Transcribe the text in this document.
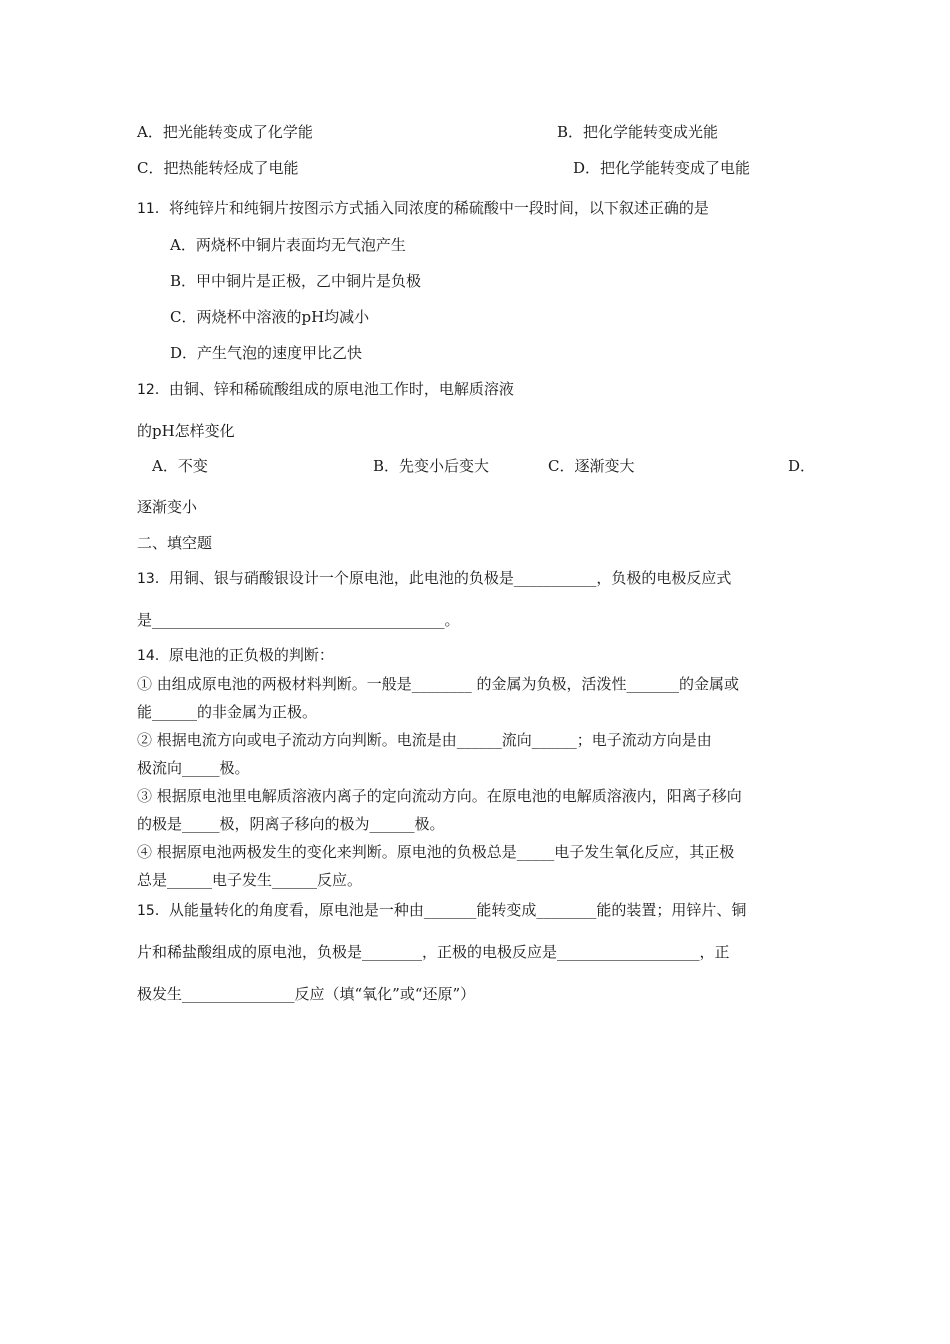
A．把光能转变成了化学能	B．把化学能转变成光能
C．把热能转烃成了电能	D．把化学能转变成了电能
11．将纯锌片和纯铜片按图示方式插入同浓度的稀硫酸中一段时间，以下叙述正确的是
A．两烧杯中铜片表面均无气泡产生
B．甲中铜片是正极，乙中铜片是负极
C．两烧杯中溶液的pH均减小
D．产生气泡的速度甲比乙快
12．由铜、锌和稀硫酸组成的原电池工作时，电解质溶液
的pH怎样变化
A．不变	B．先变小后变大	C．逐渐变大	D．
逐渐变小
二、填空题
13．用铜、银与硝酸银设计一个原电池，此电池的负极是___________，负极的电极反应式
是_______________________________________。
14．原电池的正负极的判断：
① 由组成原电池的两极材料判断。一般是________ 的金属为负极，活泼性_______的金属或
能______的非金属为正极。
② 根据电流方向或电子流动方向判断。电流是由______流向______；电子流动方向是由
极流向_____极。
③ 根据原电池里电解质溶液内离子的定向流动方向。在原电池的电解质溶液内，阳离子移向
的极是_____极，阴离子移向的极为______极。
④ 根据原电池两极发生的变化来判断。原电池的负极总是_____电子发生氧化反应，其正极
总是______电子发生______反应。
15．从能量转化的角度看，原电池是一种由_______能转变成________能的装置；用锌片、铜
片和稀盐酸组成的原电池，负极是________，正极的电极反应是___________________，正
极发生_______________反应（填“氧化”或“还原”）
